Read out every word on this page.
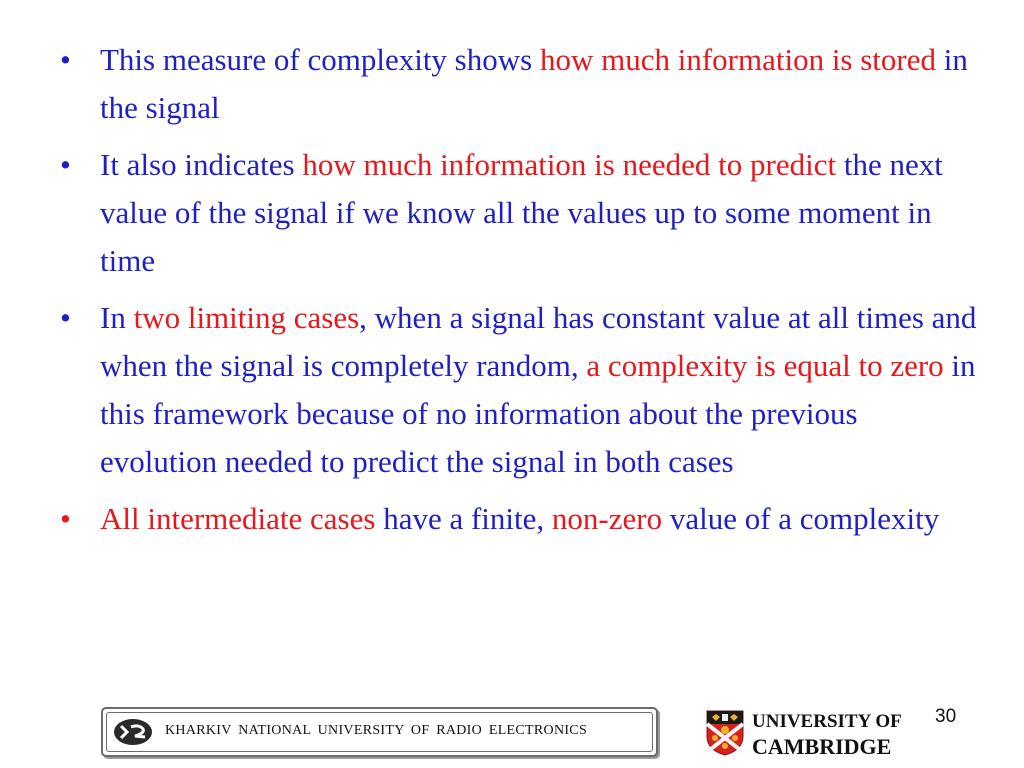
• This measure of complexity shows how much information is stored in the signal
• It also indicates how much information is needed to predict the next value of the signal if we know all the values up to some moment in time
• In two limiting cases, when a signal has constant value at all times and when the signal is completely random, a complexity is equal to zero in this framework because of no information about the previous evolution needed to predict the signal in both cases
• All intermediate cases have a finite, non-zero value of a complexity
KHARKIV NATIONAL UNIVERSITY OF RADIO ELECTRONICS	UNIVERSITY OF
CAMBRIDGE
30
